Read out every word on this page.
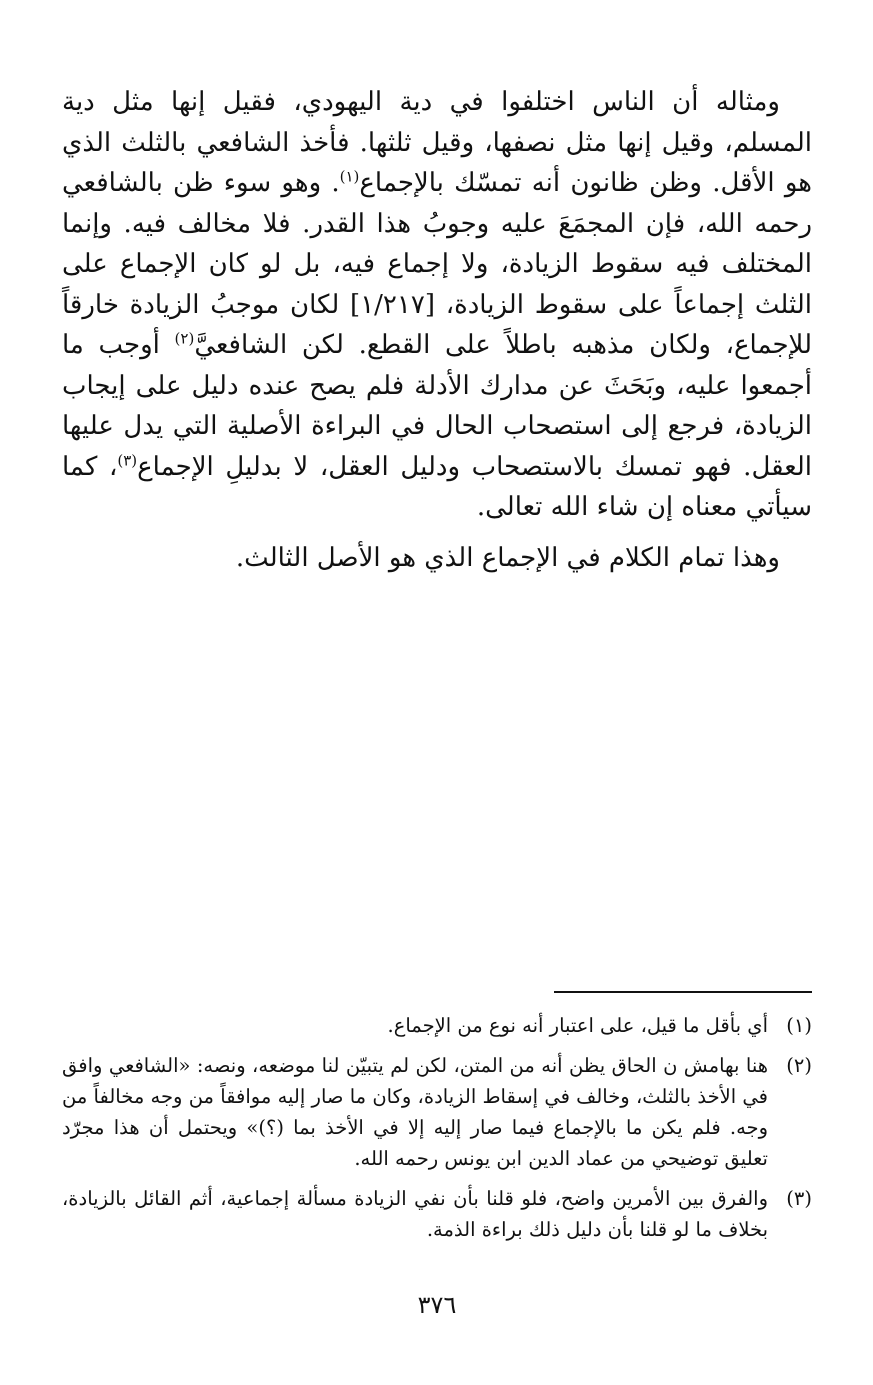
ومثاله أن الناس اختلفوا في دية اليهودي، فقيل إنها مثل دية المسلم، وقيل إنها مثل نصفها، وقيل ثلثها. فأخذ الشافعي بالثلث الذي هو الأقل. وظن ظانون أنه تمسّك بالإجماع$^{(١)}$. وهو سوء ظن بالشافعي رحمه الله، فإن المجمَعَ عليه وجوبُ هذا القدر. فلا مخالف فيه. وإنما المختلف فيه سقوط الزيادة، ولا إجماع فيه، بل لو كان الإجماع على الثلث إجماعاً على سقوط الزيادة، [١/٢١٧] لكان موجبُ الزيادة خارقاً للإجماع، ولكان مذهبه باطلاً على القطع. لكن الشافعيَّ$^{(٢)}$ أوجب ما أجمعوا عليه، وبَحَثَ عن مدارك الأدلة فلم يصح عنده دليل على إيجاب الزيادة، فرجع إلى استصحاب الحال في البراءة الأصلية التي يدل عليها العقل. فهو تمسك بالاستصحاب ودليل العقل، لا بدليلِ الإجماع$^{(٣)}$، كما سيأتي معناه إن شاء الله تعالى.

وهذا تمام الكلام في الإجماع الذي هو الأصل الثالث.

(١)
أي بأقل ما قيل، على اعتبار أنه نوع من الإجماع.
(٢)
هنا بهامش ن الحاق يظن أنه من المتن، لكن لم يتبيّن لنا موضعه، ونصه: «الشافعي وافق في الأخذ بالثلث، وخالف في إسقاط الزيادة، وكان ما صار إليه موافقاً من وجه مخالفاً من وجه. فلم يكن ما بالإجماع فيما صار إليه إلا في الأخذ بما (؟)» ويحتمل أن هذا مجرّد تعليق توضيحي من عماد الدين ابن يونس رحمه الله.
(٣)
والفرق بين الأمرين واضح، فلو قلنا بأن نفي الزيادة مسألة إجماعية، أثم القائل بالزيادة، بخلاف ما لو قلنا بأن دليل ذلك براءة الذمة.
٣٧٦
